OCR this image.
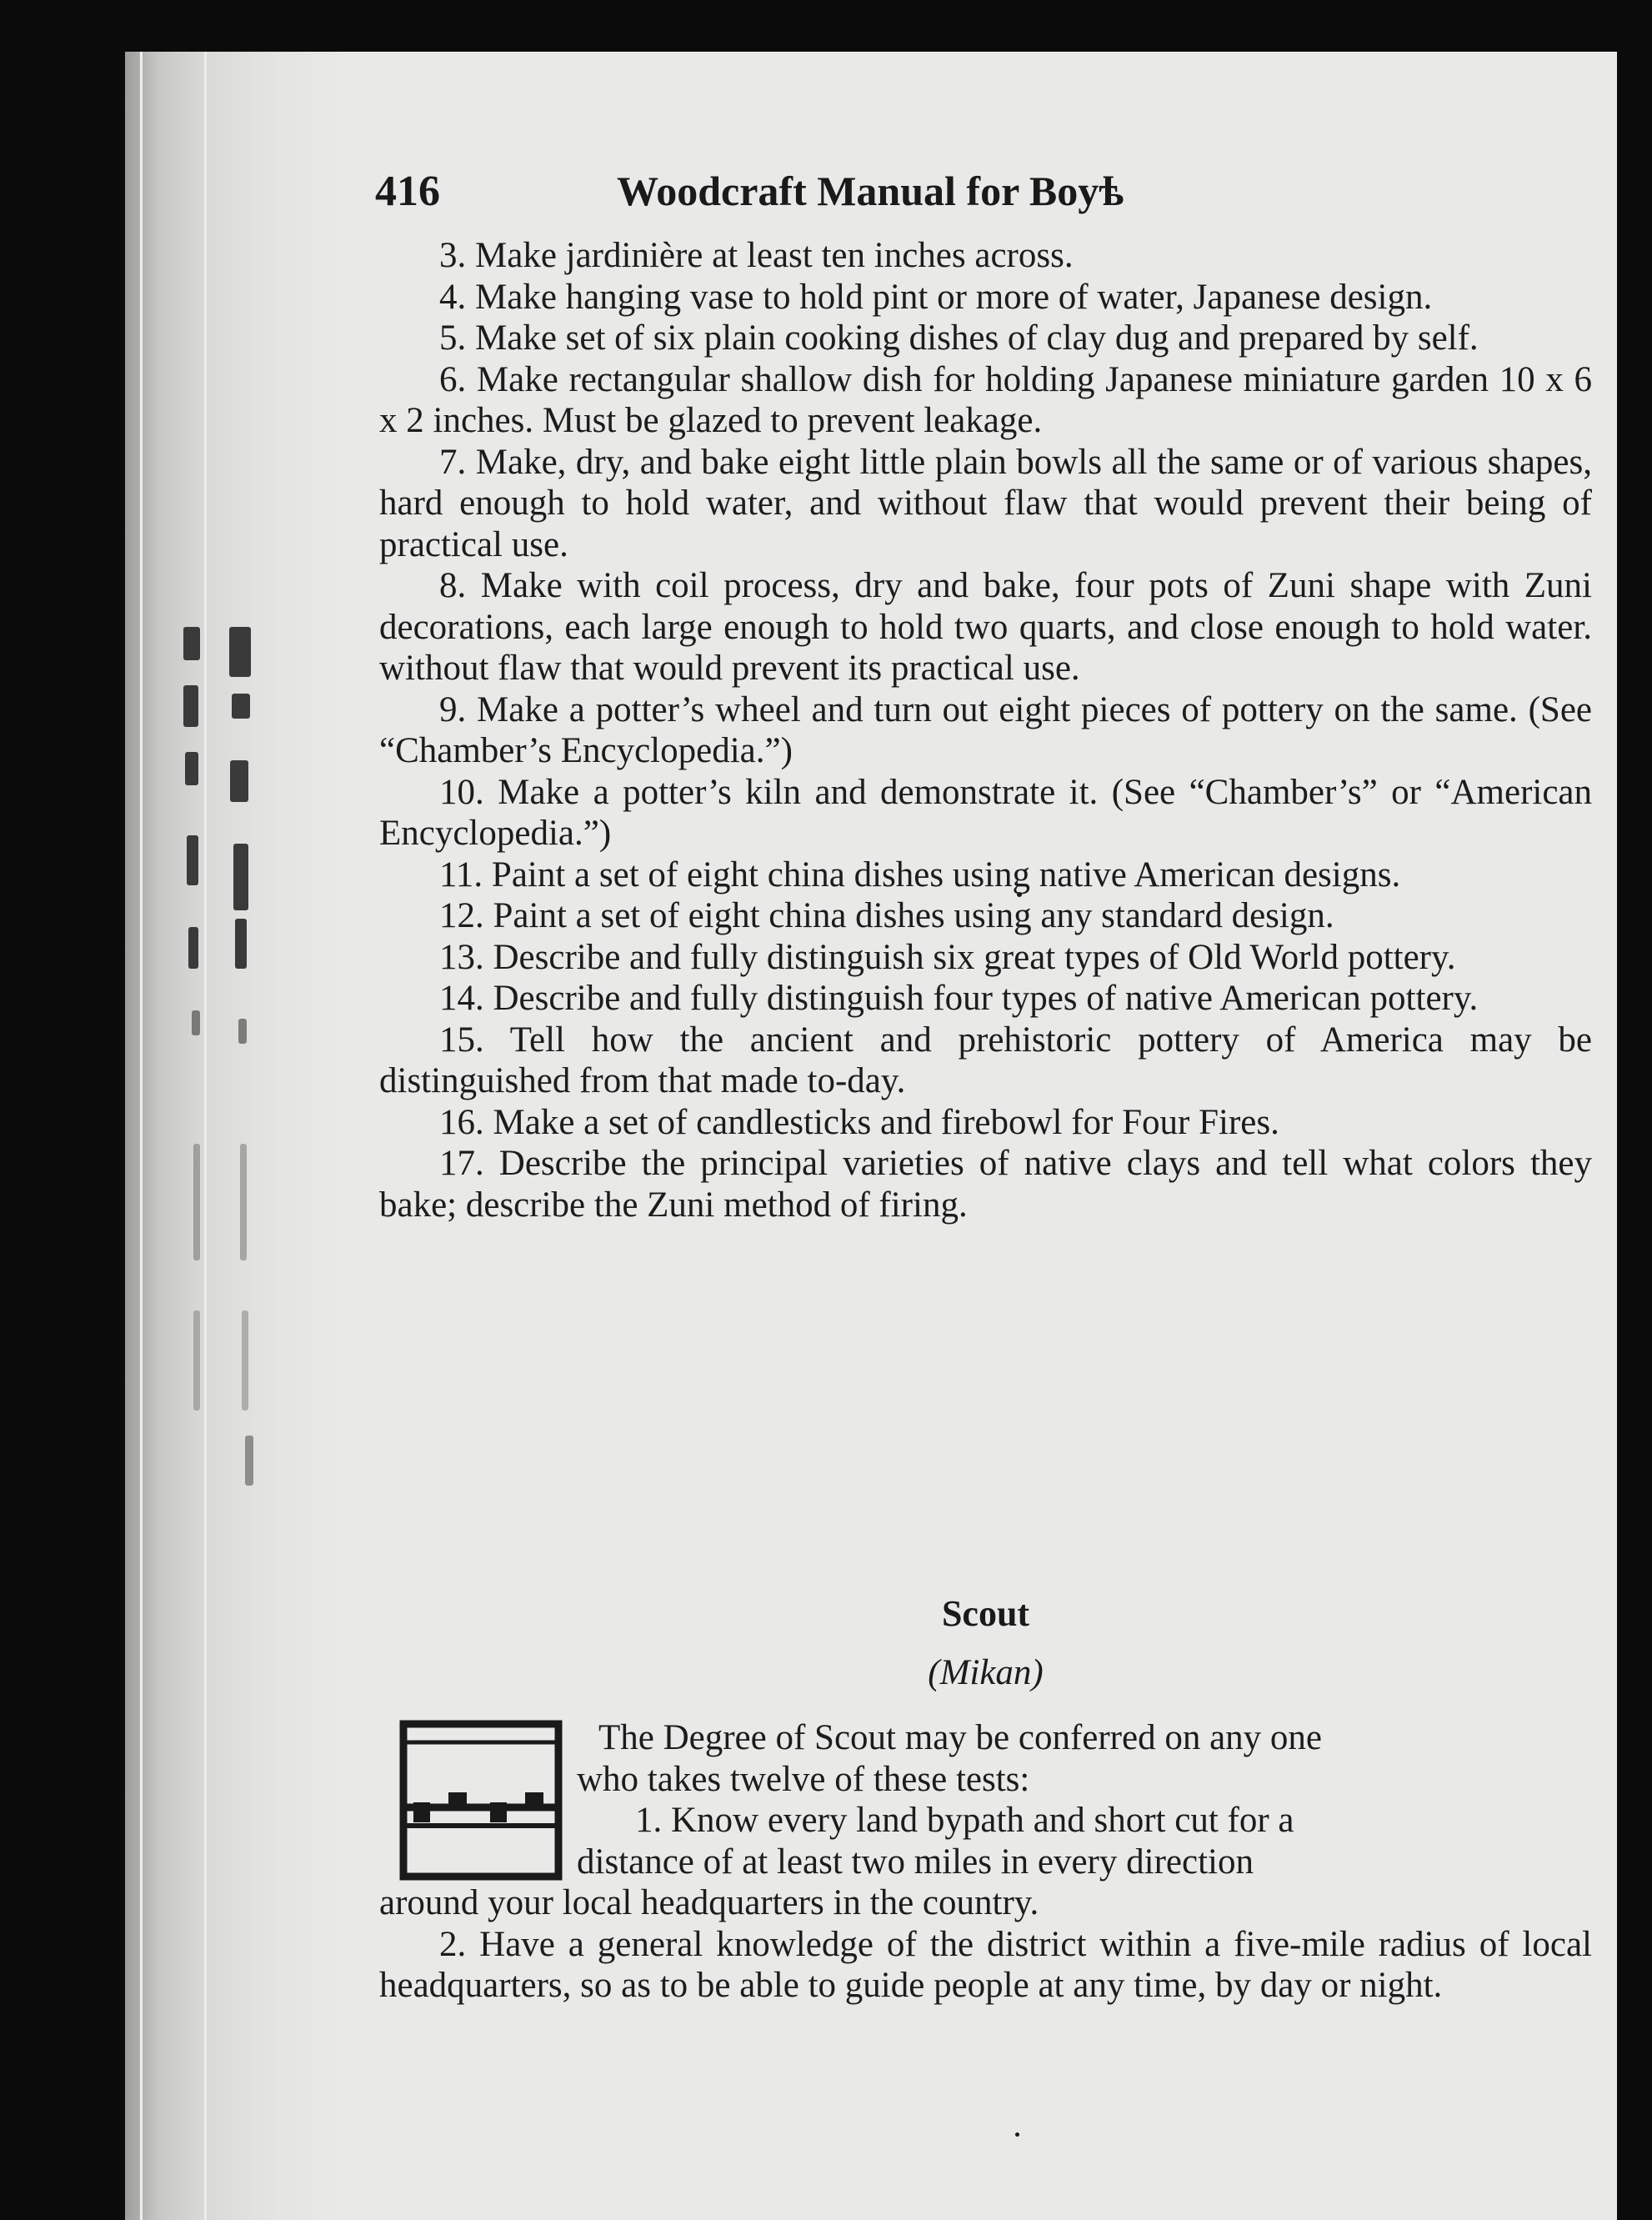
416	Woodcraft Manual for Boyѣ

3. Make jardinière at least ten inches across.

4. Make hanging vase to hold pint or more of water, Japanese design.

5. Make set of six plain cooking dishes of clay dug and prepared by self.

6. Make rectangular shallow dish for holding Japanese miniature garden 10 x 6 x 2 inches. Must be glazed to prevent leakage.

7. Make, dry, and bake eight little plain bowls all the same or of various shapes, hard enough to hold water, and without flaw that would prevent their being of practical use.

8. Make with coil process, dry and bake, four pots of Zuni shape with Zuni decorations, each large enough to hold two quarts, and close enough to hold water. without flaw that would prevent its practical use.

9. Make a potter’s wheel and turn out eight pieces of pottery on the same. (See “Chamber’s Encyclopedia.”)

10. Make a potter’s kiln and demonstrate it. (See “Chamber’s” or “American Encyclopedia.”)

11. Paint a set of eight china dishes using native American designs.

12. Paint a set of eight china dishes using any standard design.

13. Describe and fully distinguish six great types of Old World pottery.

14. Describe and fully distinguish four types of native American pottery.

15. Tell how the ancient and prehistoric pottery of America may be distinguished from that made to-day.

16. Make a set of candlesticks and firebowl for Four Fires.

17. Describe the principal varieties of native clays and tell what colors they bake; describe the Zuni method of firing.

Scout
(Mikan)

The Degree of Scout may be conferred on any one

who takes twelve of these tests:

1. Know every land bypath and short cut for a

distance of at least two miles in every direction

around your local headquarters in the country.

2. Have a general knowledge of the district within a five-mile radius of local headquarters, so as to be able to guide people at any time, by day or night.
